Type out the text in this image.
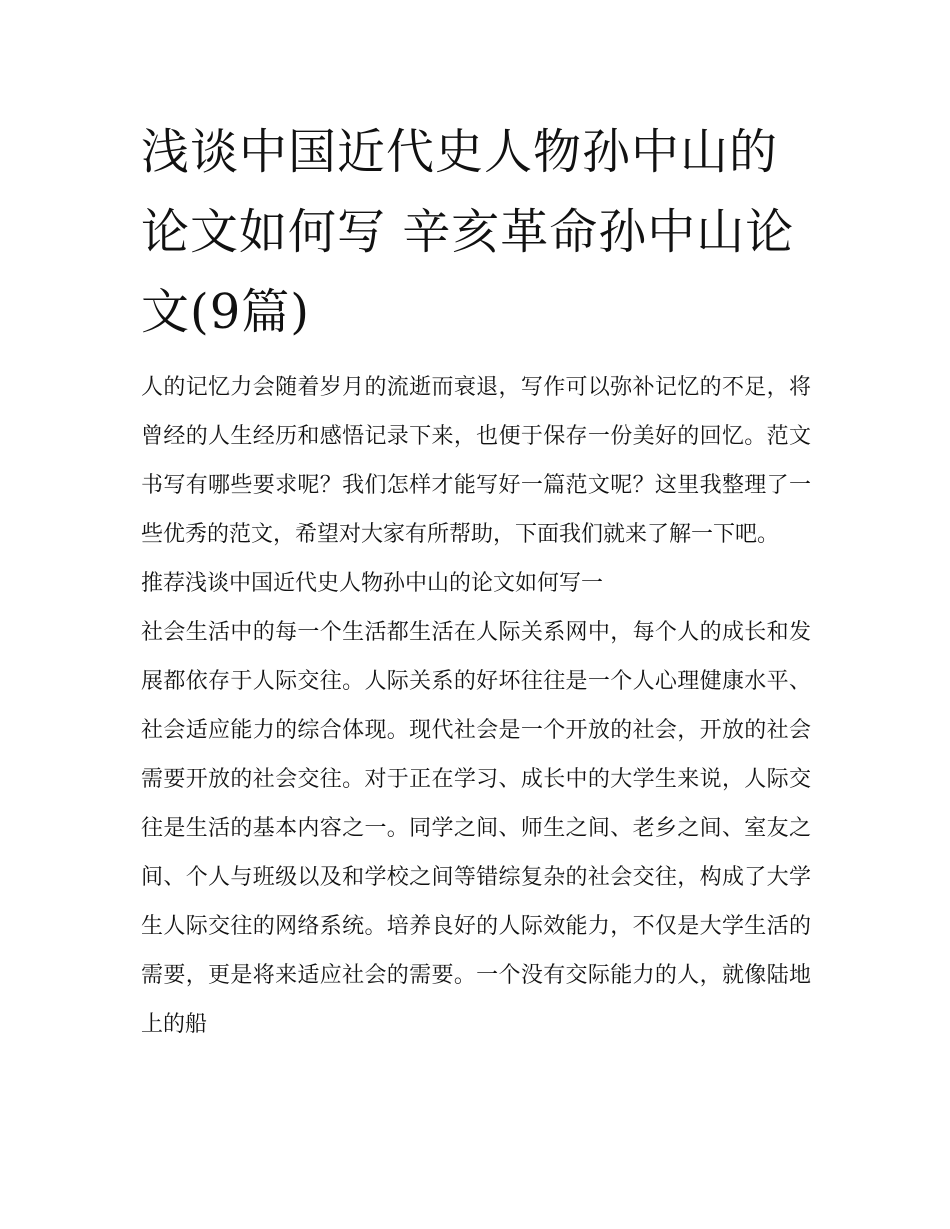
浅谈中国近代史人物孙中山的论文如何写 辛亥革命孙中山论文(9篇)

人的记忆力会随着岁月的流逝而衰退，写作可以弥补记忆的不足，将曾经的人生经历和感悟记录下来，也便于保存一份美好的回忆。范文书写有哪些要求呢？我们怎样才能写好一篇范文呢？这里我整理了一些优秀的范文，希望对大家有所帮助，下面我们就来了解一下吧。

推荐浅谈中国近代史人物孙中山的论文如何写一

社会生活中的每一个生活都生活在人际关系网中，每个人的成长和发展都依存于人际交往。人际关系的好坏往往是一个人心理健康水平、社会适应能力的综合体现。现代社会是一个开放的社会，开放的社会需要开放的社会交往。对于正在学习、成长中的大学生来说，人际交往是生活的基本内容之一。同学之间、师生之间、老乡之间、室友之间、个人与班级以及和学校之间等错综复杂的社会交往，构成了大学生人际交往的网络系统。培养良好的人际效能力，不仅是大学生活的需要，更是将来适应社会的需要。一个没有交际能力的人，就像陆地上的船
